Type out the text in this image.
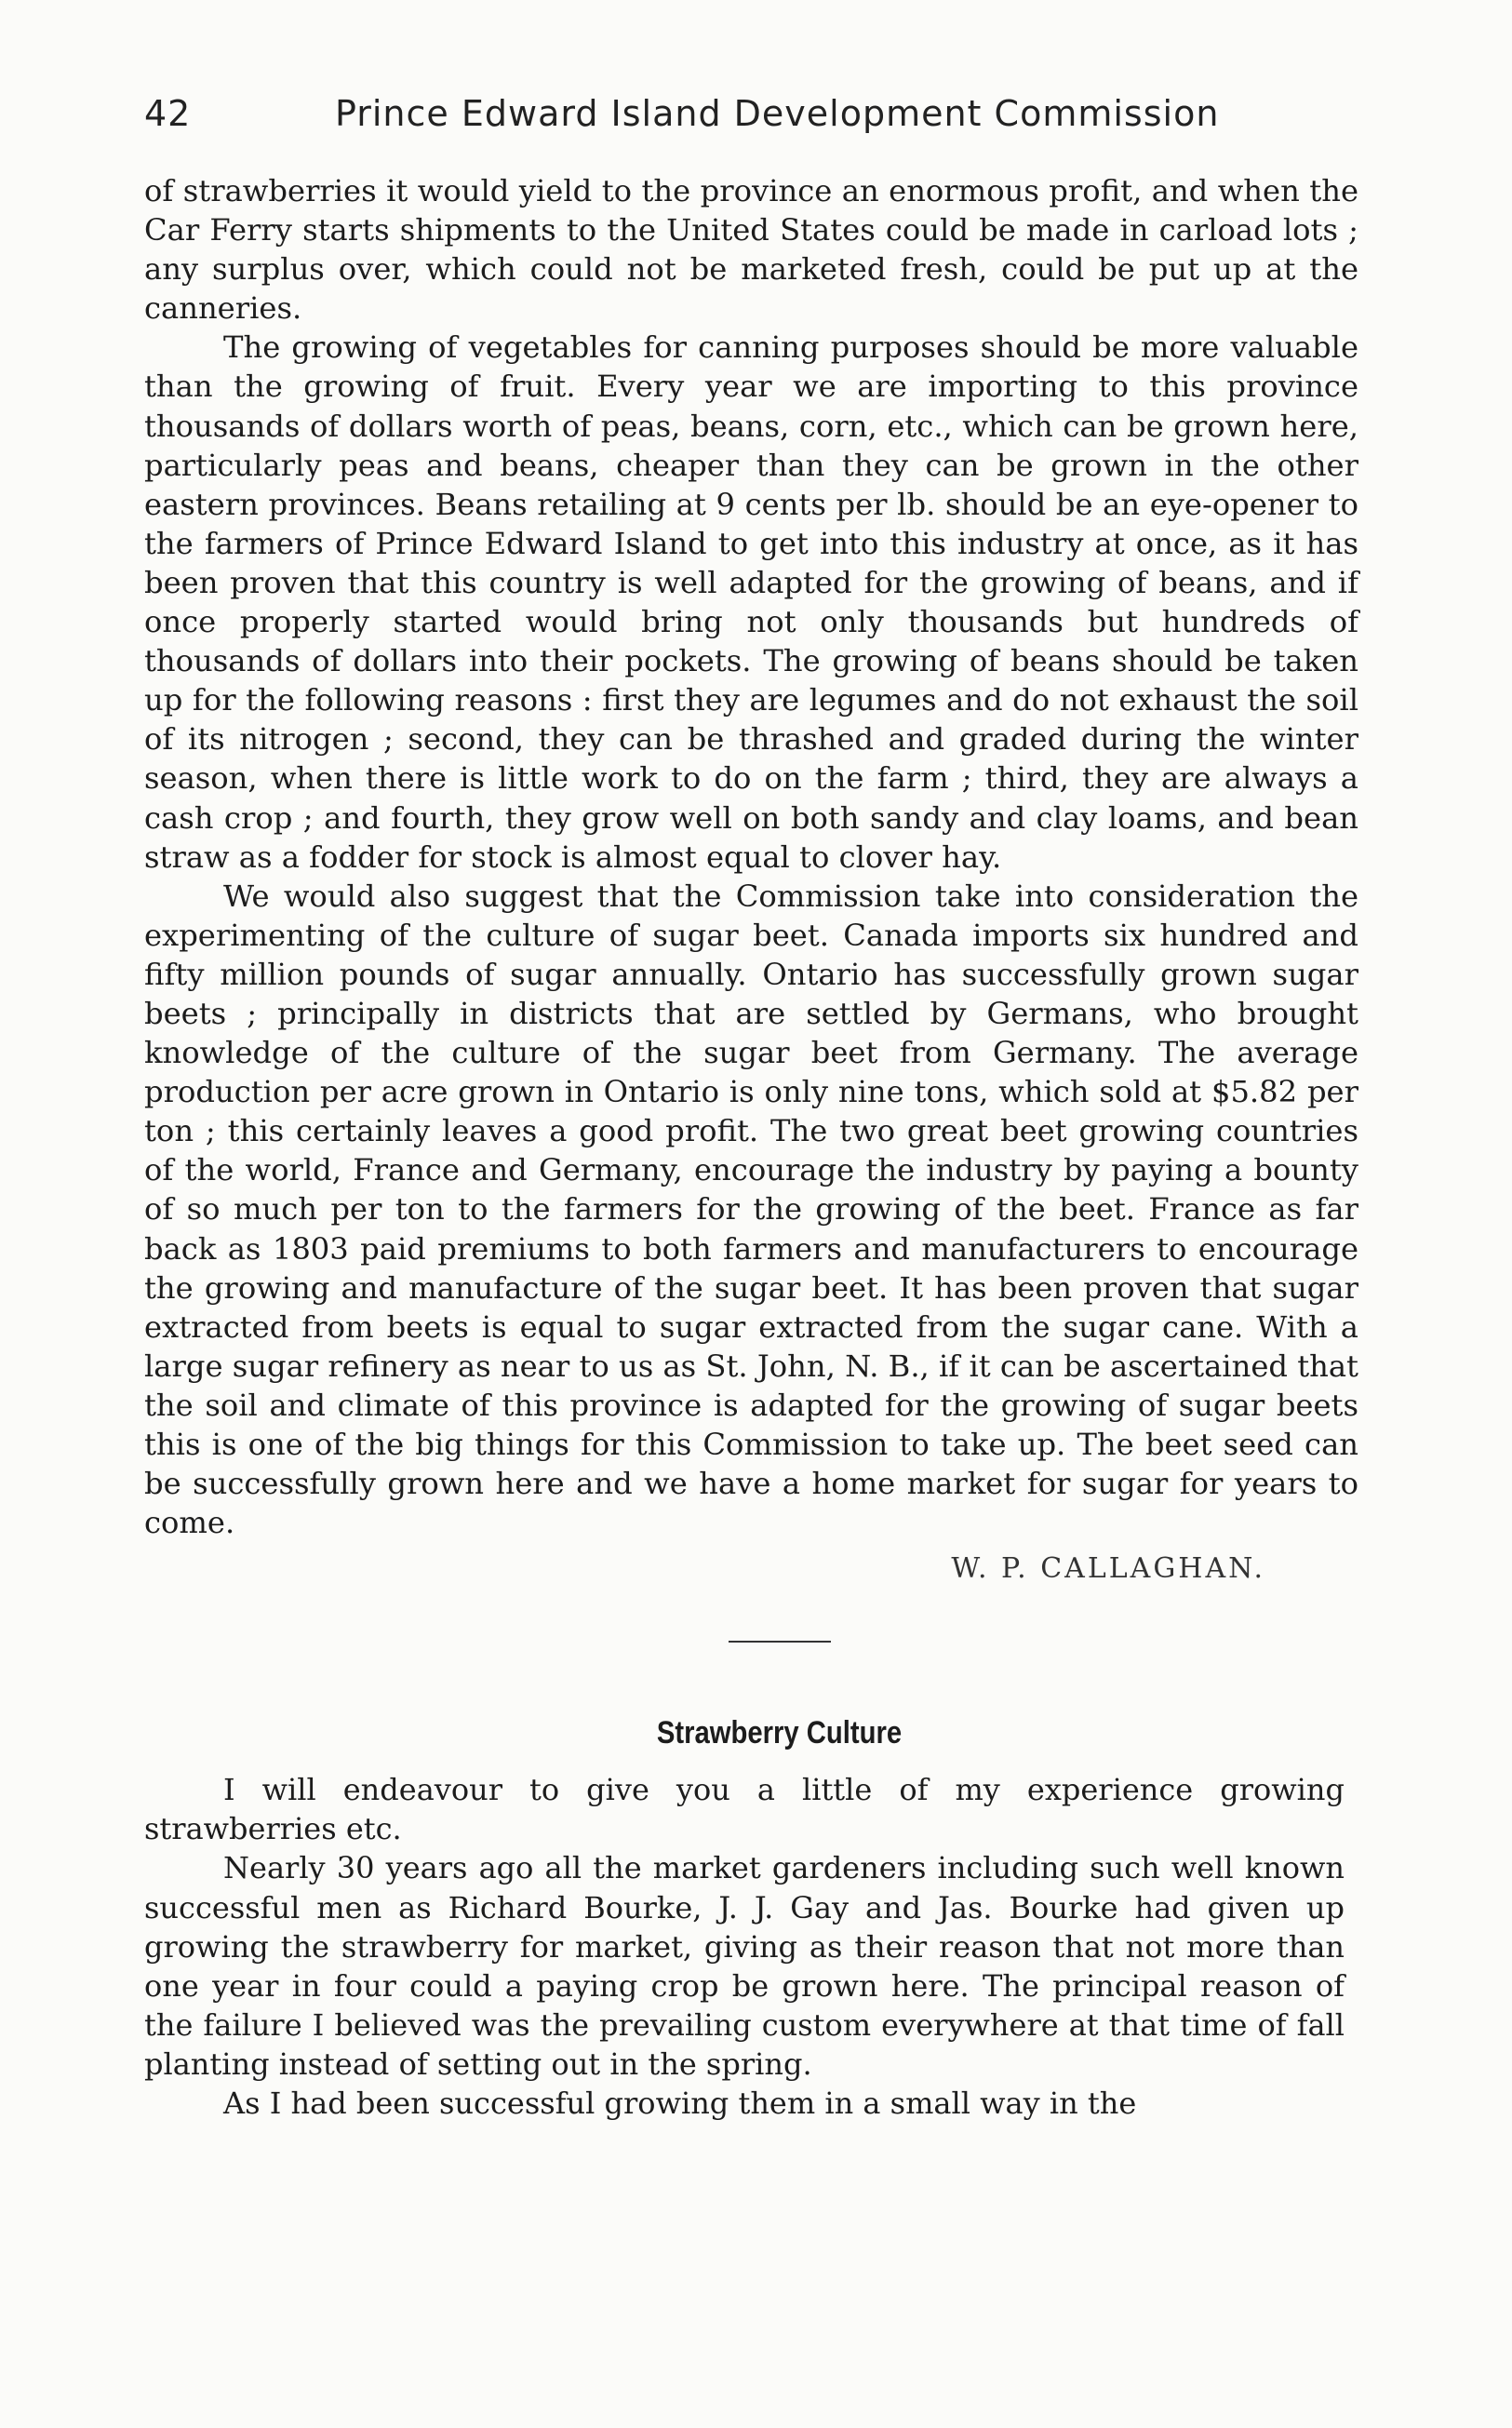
42	Prince Edward Island Development Commission

of strawberries it would yield to the province an enormous profit, and when the Car Ferry starts shipments to the United States could be made in carload lots ; any surplus over, which could not be marketed fresh, could be put up at the canneries.

The growing of vegetables for canning purposes should be more valuable than the growing of fruit. Every year we are importing to this province thousands of dollars worth of peas, beans, corn, etc., which can be grown here, particularly peas and beans, cheaper than they can be grown in the other eastern provinces. Beans retailing at 9 cents per lb. should be an eye-opener to the farmers of Prince Edward Island to get into this industry at once, as it has been proven that this country is well adapted for the growing of beans, and if once properly started would bring not only thousands but hundreds of thousands of dollars into their pockets. The growing of beans should be taken up for the following reasons : first they are legumes and do not exhaust the soil of its nitrogen ; second, they can be thrashed and graded during the winter season, when there is little work to do on the farm ; third, they are always a cash crop ; and fourth, they grow well on both sandy and clay loams, and bean straw as a fodder for stock is almost equal to clover hay.

We would also suggest that the Commission take into consideration the experimenting of the culture of sugar beet. Canada imports six hundred and fifty million pounds of sugar annually. Ontario has successfully grown sugar beets ; principally in districts that are settled by Germans, who brought knowledge of the culture of the sugar beet from Germany. The average production per acre grown in Ontario is only nine tons, which sold at $5.82 per ton ; this certainly leaves a good profit. The two great beet growing countries of the world, France and Germany, encourage the industry by paying a bounty of so much per ton to the farmers for the growing of the beet. France as far back as 1803 paid premiums to both farmers and manufacturers to encourage the growing and manufacture of the sugar beet. It has been proven that sugar extracted from beets is equal to sugar extracted from the sugar cane. With a large sugar refinery as near to us as St. John, N. B., if it can be ascertained that the soil and climate of this province is adapted for the growing of sugar beets this is one of the big things for this Commission to take up. The beet seed can be successfully grown here and we have a home market for sugar for years to come.

W. P. CALLAGHAN.
Strawberry Culture

I will endeavour to give you a little of my experience growing strawberries etc.

Nearly 30 years ago all the market gardeners including such well known successful men as Richard Bourke, J. J. Gay and Jas. Bourke had given up growing the strawberry for market, giving as their reason that not more than one year in four could a paying crop be grown here. The principal reason of the failure I believed was the prevailing custom everywhere at that time of fall planting instead of setting out in the spring.

As I had been successful growing them in a small way in the
